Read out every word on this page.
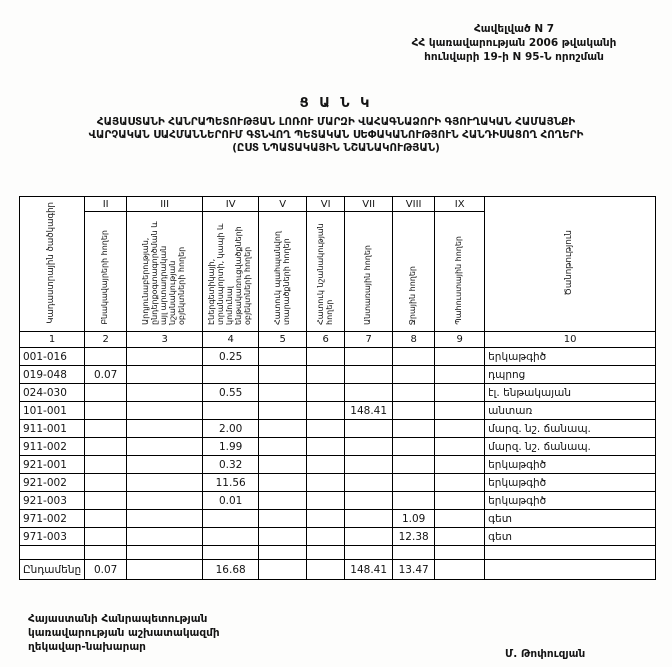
Հավելված N 7
ՀՀ կառավարության 2006 թվականի
հունվարի 19-ի N 95-Ն որոշման
Ց Ա Ն Կ
ՀԱՅԱՍՏԱՆԻ ՀԱՆՐԱՊԵՏՈՒԹՅԱՆ ԼՈՌՈՒ ՄԱՐԶԻ ՎԱՀԱԳՆԱՁՈՐԻ ԳՅՈՒՂԱԿԱՆ ՀԱՄԱՅՆՔԻ
ՎԱՐՉԱԿԱՆ ՍԱՀՄԱՆՆԵՐՈՒՄ ԳՏՆՎՈՂ ՊԵՏԱԿԱՆ ՍԵՓԱԿԱՆՈՒԹՅՈՒՆ ՀԱՆԴԻՍԱՑՈՂ ՀՈՂԵՐԻ
(ԸՍՏ ՆՊԱՏԱԿԱՅԻՆ ՆՇԱՆԱԿՈՒԹՅԱՆ)
Կադաստրային ծածկագիր	II	III	IV	V	VI	VII	VIII	IX	Ծանոթություն
	Բնակավայրերի հողեր	Արդյունաբերության, ընդերքօգտագործման և այլ արտադրական նշանակության օբյեկտների հողեր	Էներգետիկայի, տրանսպորտի, կապի և կոմունալ ենթակառուցվածքների օբյեկտների հողեր	Հատուկ պահպանվող տարածքների հողեր	Հատուկ նշանակության հողեր	Անտառային հողեր	Ջրային հողեր	Պահուստային հողեր	
1	2	3	4	5	6	7	8	9	10
001-016			0.25						երկաթգիծ
019-048	0.07								դպրոց
024-030			0.55						էլ. ենթակայան
101-001						148.41			անտառ
911-001			2.00						մարզ. նշ. ճանապ.
911-002			1.99						մարզ. նշ. ճանապ.
921-001			0.32						երկաթգիծ
921-002			11.56						երկաթգիծ
921-003			0.01						երկաթգիծ
971-002							1.09		գետ
971-003							12.38		գետ

Ընդամենը	0.07		16.68			148.41	13.47		
Հայաստանի Հանրապետության
կառավարության աշխատակազմի
ղեկավար-նախարար
Մ. Թոփուզյան
